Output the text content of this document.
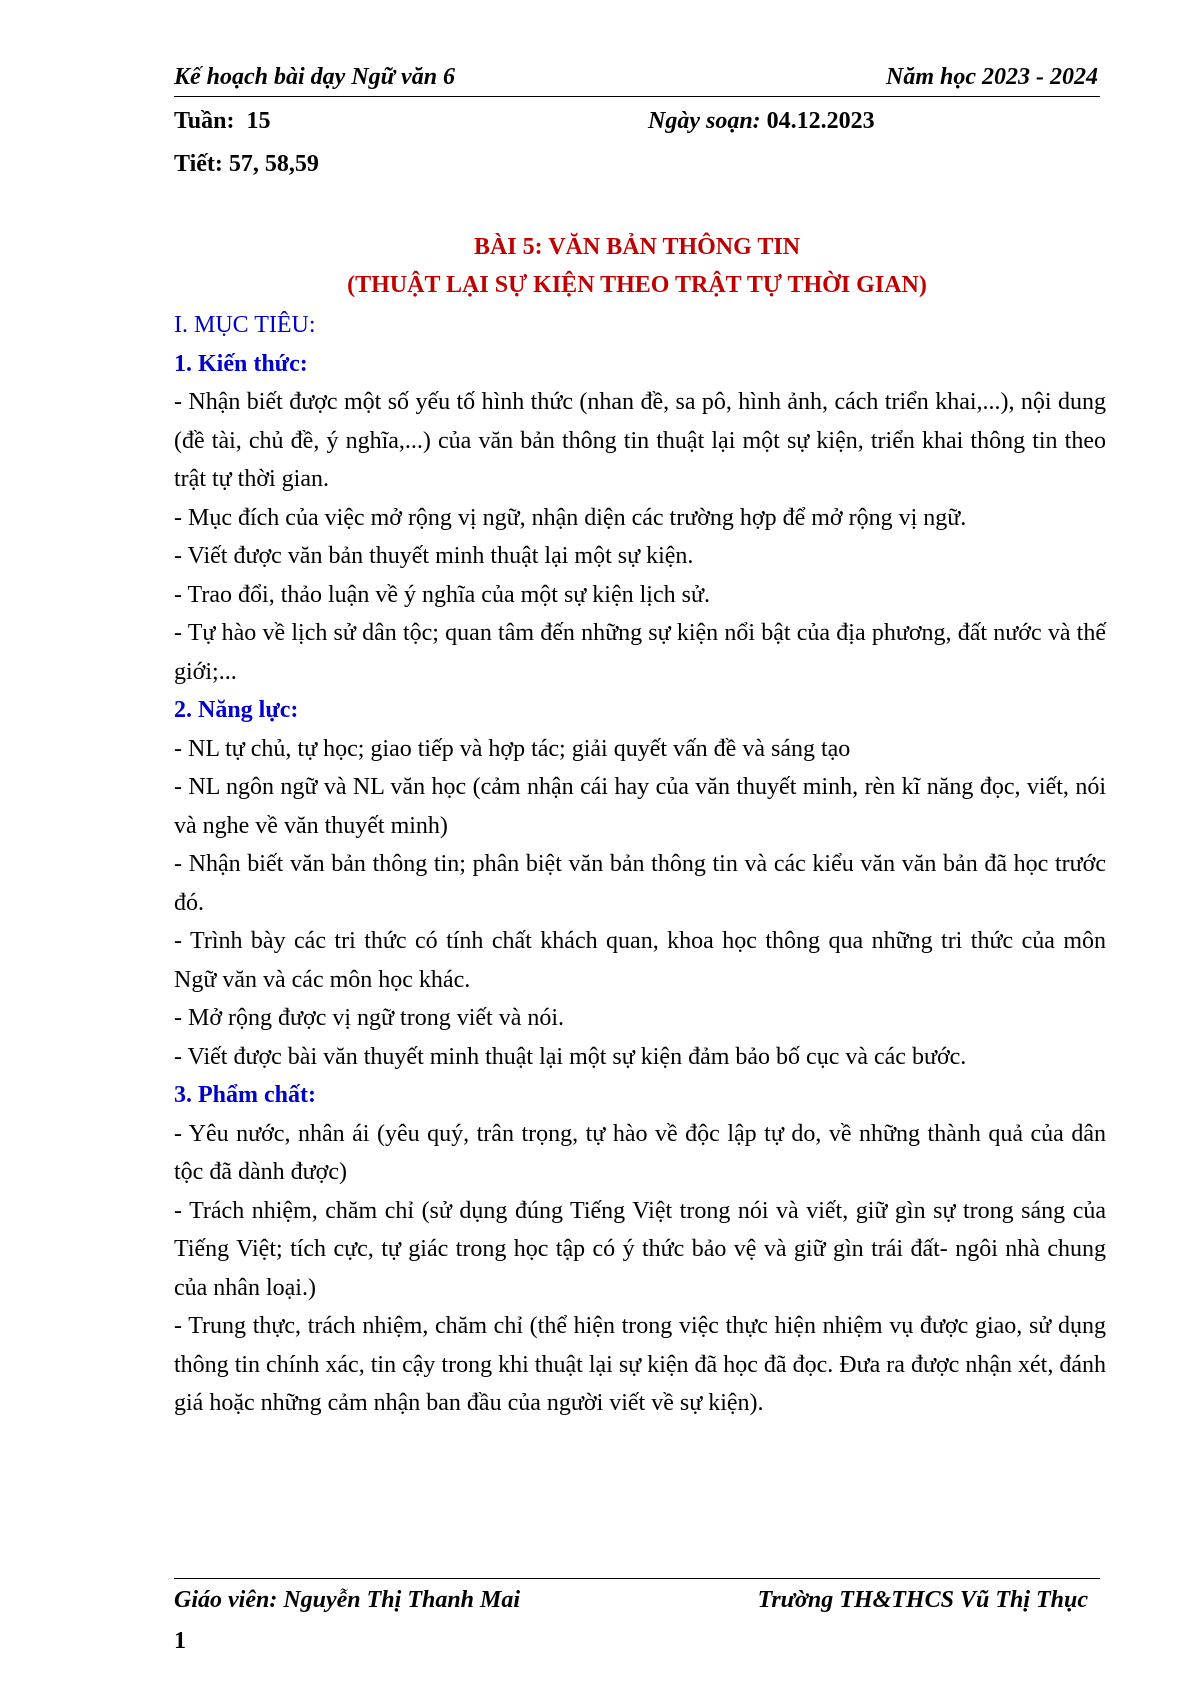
Kế hoạch bài dạy Ngữ văn 6	Năm học 2023 - 2024
Tuần: 15	Ngày soạn: 04.12.2023
Tiết: 57, 58,59
BÀI 5: VĂN BẢN THÔNG TIN
(THUẬT LẠI SỰ KIỆN THEO TRẬT TỰ THỜI GIAN)
I. MỤC TIÊU:
1. Kiến thức:
- Nhận biết được một số yếu tố hình thức (nhan đề, sa pô, hình ảnh, cách triển khai,...), nội dung (đề tài, chủ đề, ý nghĩa,...) của văn bản thông tin thuật lại một sự kiện, triển khai thông tin theo trật tự thời gian.
- Mục đích của việc mở rộng vị ngữ, nhận diện các trường hợp để mở rộng vị ngữ.
- Viết được văn bản thuyết minh thuật lại một sự kiện.
- Trao đổi, thảo luận về ý nghĩa của một sự kiện lịch sử.
- Tự hào về lịch sử dân tộc; quan tâm đến những sự kiện nổi bật của địa phương, đất nước và thế giới;...
2. Năng lực:
- NL tự chủ, tự học; giao tiếp và hợp tác; giải quyết vấn đề và sáng tạo
- NL ngôn ngữ và NL văn học (cảm nhận cái hay của văn thuyết minh, rèn kĩ năng đọc, viết, nói và nghe về văn thuyết minh)
- Nhận biết văn bản thông tin; phân biệt văn bản thông tin và các kiểu văn văn bản đã học trước đó.
- Trình bày các tri thức có tính chất khách quan, khoa học thông qua những tri thức của môn Ngữ văn và các môn học khác.
- Mở rộng được vị ngữ trong viết và nói.
- Viết được bài văn thuyết minh thuật lại một sự kiện đảm bảo bố cục và các bước.
3. Phẩm chất:
- Yêu nước, nhân ái (yêu quý, trân trọng, tự hào về độc lập tự do, về những thành quả của dân tộc đã dành được)
- Trách nhiệm, chăm chỉ (sử dụng đúng Tiếng Việt trong nói và viết, giữ gìn sự trong sáng của Tiếng Việt; tích cực, tự giác trong học tập có ý thức bảo vệ và giữ gìn trái đất- ngôi nhà chung của nhân loại.)
- Trung thực, trách nhiệm, chăm chỉ (thể hiện trong việc thực hiện nhiệm vụ được giao, sử dụng thông tin chính xác, tin cậy trong khi thuật lại sự kiện đã học đã đọc. Đưa ra được nhận xét, đánh giá hoặc những cảm nhận ban đầu của người viết về sự kiện).
Giáo viên: Nguyễn Thị Thanh Mai	Trường TH&THCS Vũ Thị Thục
1
